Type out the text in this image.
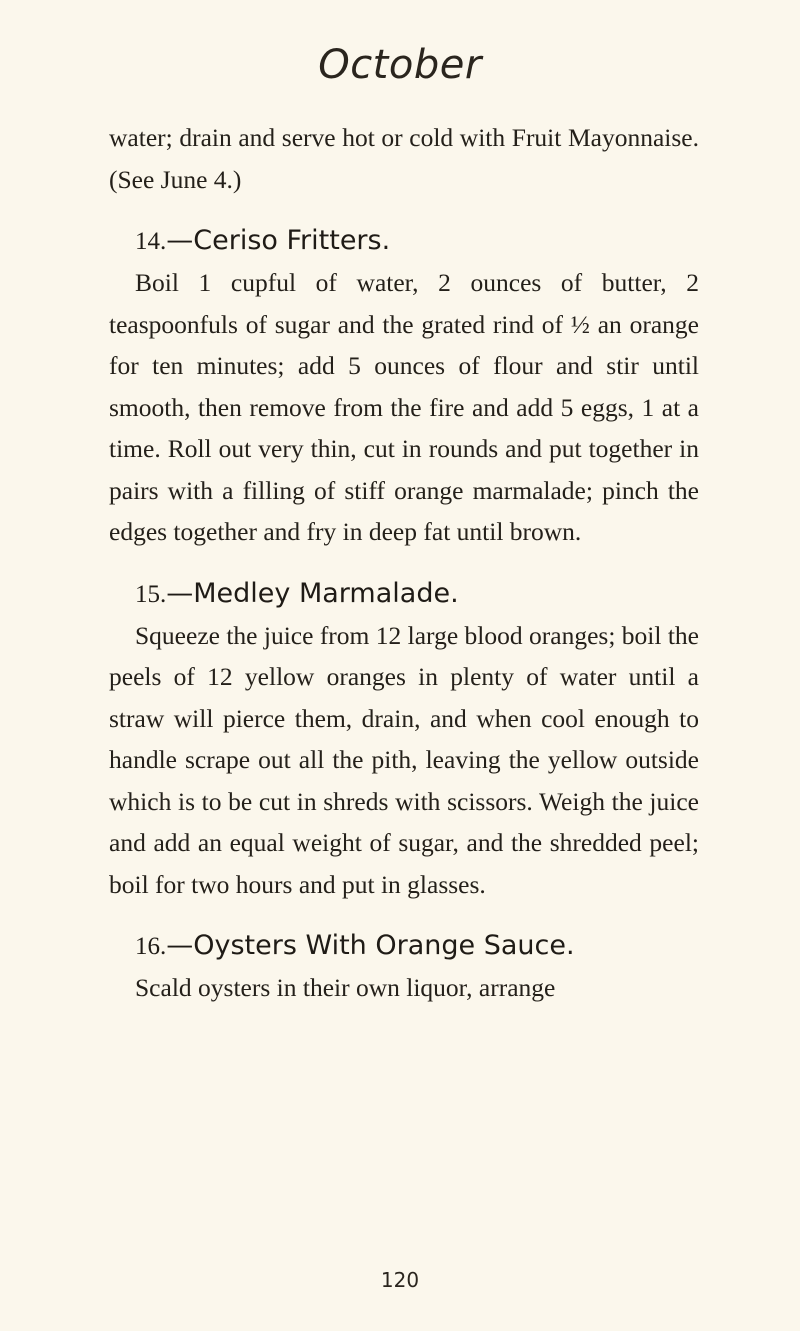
October

water; drain and serve hot or cold with Fruit Mayonnaise. (See June 4.)

14.—Ceriso Fritters.

Boil 1 cupful of water, 2 ounces of butter, 2 teaspoonfuls of sugar and the grated rind of ½ an orange for ten minutes; add 5 ounces of flour and stir until smooth, then remove from the fire and add 5 eggs, 1 at a time. Roll out very thin, cut in rounds and put together in pairs with a filling of stiff orange marmalade; pinch the edges together and fry in deep fat until brown.

15.—Medley Marmalade.

Squeeze the juice from 12 large blood oranges; boil the peels of 12 yellow oranges in plenty of water until a straw will pierce them, drain, and when cool enough to handle scrape out all the pith, leaving the yellow outside which is to be cut in shreds with scissors. Weigh the juice and add an equal weight of sugar, and the shredded peel; boil for two hours and put in glasses.

16.—Oysters With Orange Sauce.

Scald oysters in their own liquor, arrange

120
